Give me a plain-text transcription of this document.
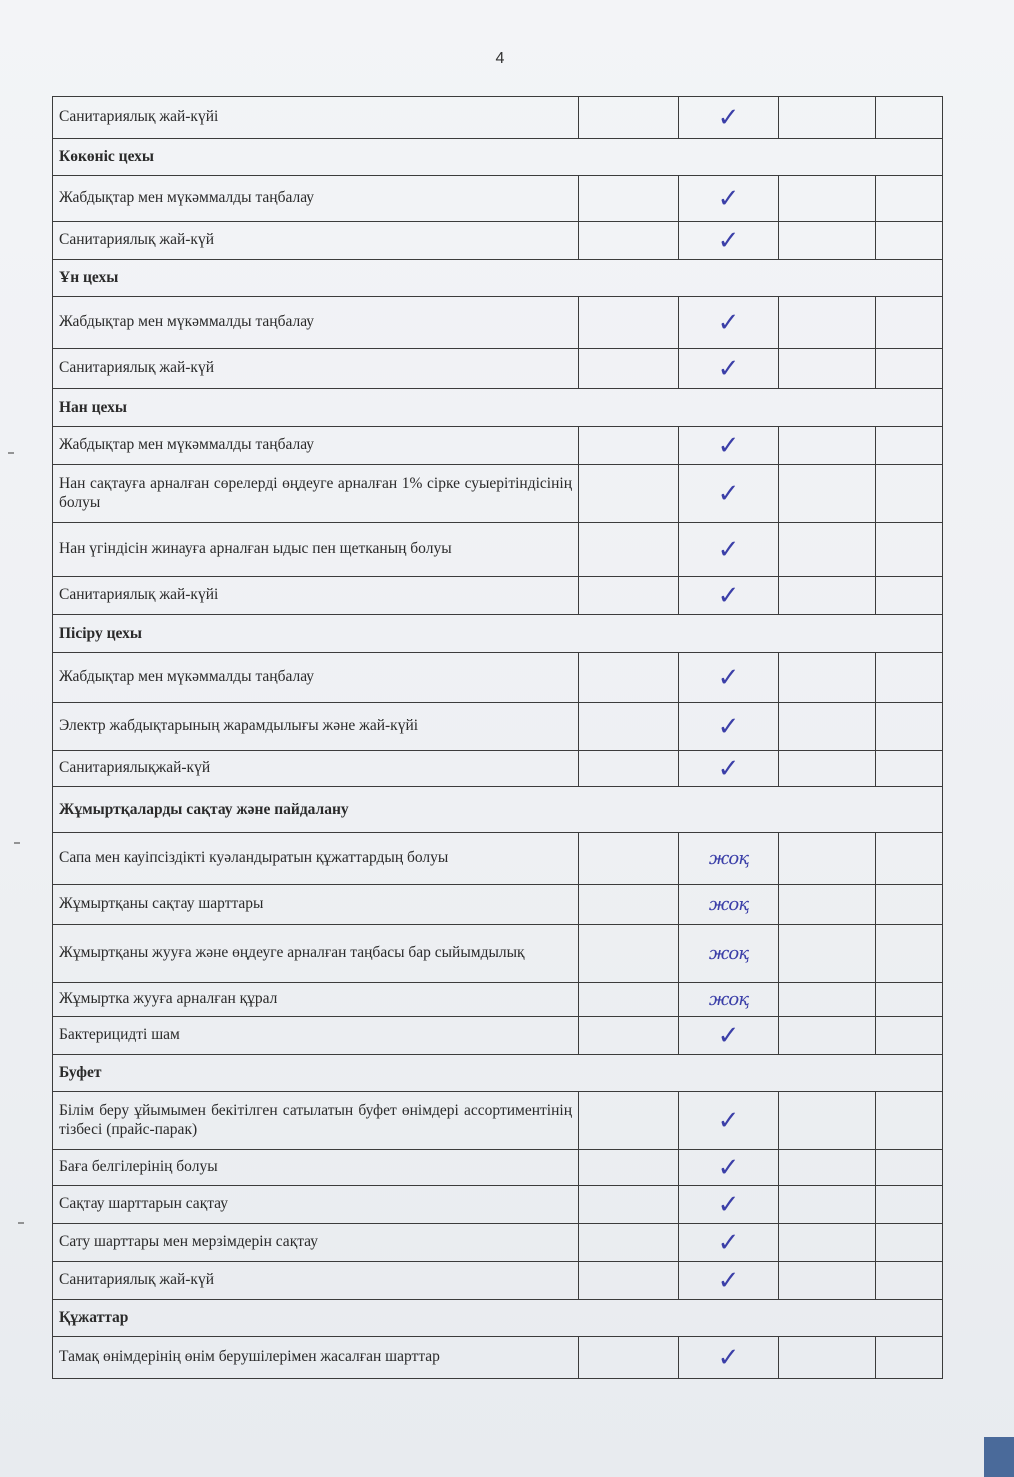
4
Санитариялық жай-күйі		✓		
Көкөніс цехы				
Жабдықтар мен мүкәммалды таңбалау		✓		
Санитариялық жай-күй		✓		
Ұн цехы				
Жабдықтар мен мүкәммалды таңбалау		✓		
Санитариялық жай-күй		✓		
Нан цехы				
Жабдықтар мен мүкәммалды таңбалау		✓		
Нан сақтауға арналған сөрелерді өңдеуге арналған 1% сірке суыерітіндісінің болуы		✓		
Нан үгіндісін жинауға арналған ыдыс пен щетканың болуы		✓		
Санитариялық жай-күйі		✓		
Пісіру цехы				
Жабдықтар мен мүкәммалды таңбалау		✓		
Электр жабдықтарының жарамдылығы және жай-күйі		✓		
Санитариялықжай-күй		✓		
Жұмыртқаларды сақтау және пайдалану				
Сапа мен кауіпсіздікті куәландыратын құжаттардың болуы		жоқ		
Жұмыртқаны сақтау шарттары		жоқ		
Жұмыртқаны жууға және өңдеуге арналған таңбасы бар сыйымдылық		жоқ		
Жұмыртка жууға арналған құрал		жоқ		
Бактерицидті шам		✓		
Буфет				
Білім беру ұйымымен бекітілген сатылатын буфет өнімдері ассортиментінің тізбесі (прайс-парак)		✓		
Баға белгілерінің болуы		✓		
Сақтау шарттарын сақтау		✓		
Сату шарттары мен мерзімдерін сақтау		✓		
Санитариялық жай-күй		✓		
Құжаттар				
Тамақ өнімдерінің өнім берушілерімен жасалған шарттар		✓		
